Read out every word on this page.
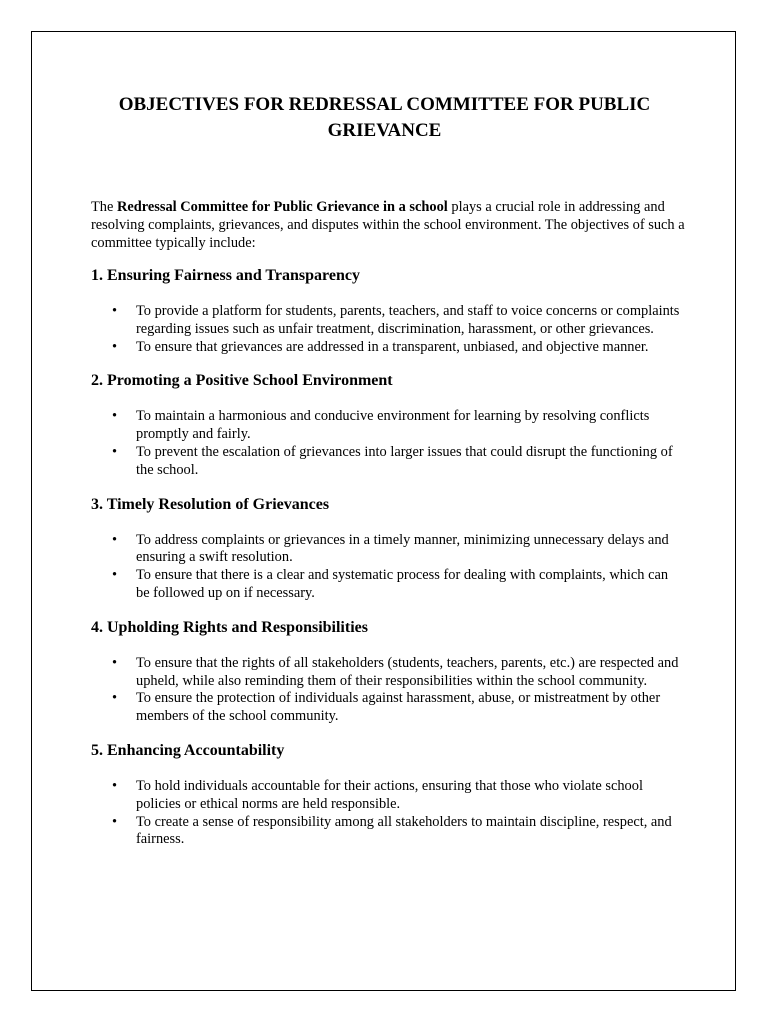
OBJECTIVES FOR REDRESSAL COMMITTEE FOR PUBLIC GRIEVANCE

The Redressal Committee for Public Grievance in a school plays a crucial role in addressing and resolving complaints, grievances, and disputes within the school environment. The objectives of such a committee typically include:

1. Ensuring Fairness and Transparency
• To provide a platform for students, parents, teachers, and staff to voice concerns or complaints regarding issues such as unfair treatment, discrimination, harassment, or other grievances.
• To ensure that grievances are addressed in a transparent, unbiased, and objective manner.
2. Promoting a Positive School Environment
• To maintain a harmonious and conducive environment for learning by resolving conflicts promptly and fairly.
• To prevent the escalation of grievances into larger issues that could disrupt the functioning of the school.
3. Timely Resolution of Grievances
• To address complaints or grievances in a timely manner, minimizing unnecessary delays and ensuring a swift resolution.
• To ensure that there is a clear and systematic process for dealing with complaints, which can be followed up on if necessary.
4. Upholding Rights and Responsibilities
• To ensure that the rights of all stakeholders (students, teachers, parents, etc.) are respected and upheld, while also reminding them of their responsibilities within the school community.
• To ensure the protection of individuals against harassment, abuse, or mistreatment by other members of the school community.
5. Enhancing Accountability
• To hold individuals accountable for their actions, ensuring that those who violate school policies or ethical norms are held responsible.
• To create a sense of responsibility among all stakeholders to maintain discipline, respect, and fairness.
